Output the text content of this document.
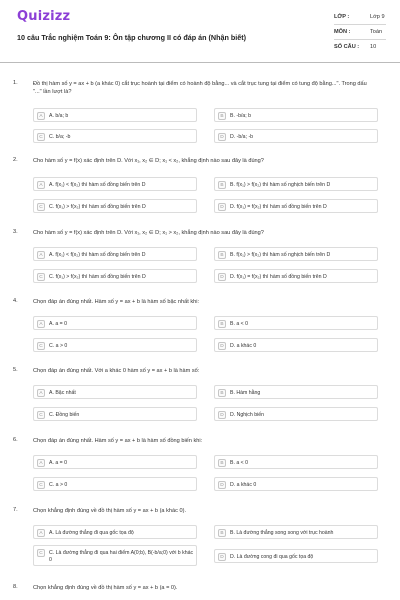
Quizizz
10 câu Trắc nghiệm Toán 9: Ôn tập chương II có đáp án (Nhận biết)
LỚP :	Lớp 9
MÔN :	Toán
SỐ CÂU : 10
1.	Đồ thị hàm số y = ax + b (a khác 0) cắt trục hoành tại điểm có hoành độ bằng... và cắt trục tung tại điểm có tung độ bằng...". Trong dấu "..." lần lượt là?
A	A. b/a; b	B	B. -b/a; b
C	C. b/a; -b	D	D. -b/a; -b
2.	Cho hàm số y = f(x) xác định trên D. Với x₁, x₂ ∈ D; x₁ < x₂, khẳng định nào sau đây là đúng?
A	A. f(x₁) < f(x₂) thì hàm số đồng biến trên D	B	B. f(x₁) > f(x₂) thì hàm số nghịch biến trên D
C	C. f(x₁) > f(x₂) thì hàm số đồng biến trên D	D	D. f(x₁) = f(x₂) thì hàm số đồng biến trên D
3.	Cho hàm số y = f(x) xác định trên D. Với x₁, x₂ ∈ D; x₁ > x₂, khẳng định nào sau đây là đúng?
A	A. f(x₁) < f(x₂) thì hàm số đồng biến trên D	B	B. f(x₁) > f(x₂) thì hàm số nghịch biến trên D
C	C. f(x₁) > f(x₂) thì hàm số đồng biến trên D	D	D. f(x₁) = f(x₂) thì hàm số đồng biến trên D
4.	Chọn đáp án đúng nhất. Hàm số y = ax + b là hàm số bậc nhất khi:
A	A. a = 0	B	B. a < 0
C	C. a > 0	D	D. a khác 0
5.	Chọn đáp án đúng nhất. Với a khác 0 hàm số y = ax + b là hàm số:
A	A. Bậc nhất	B	B. Hàm hằng
C	C. Đồng biến	D	D. Nghịch biến
6.	Chọn đáp án đúng nhất. Hàm số y = ax + b là hàm số đồng biến khi:
A	A. a = 0	B	B. a < 0
C	C. a > 0	D	D. a khác 0
7.	Chọn khẳng định đúng về đồ thị hàm số y = ax + b (a khác 0).
A	A. Là đường thẳng đi qua gốc tọa độ	B	B. Là đường thẳng song song với trục hoành
C	C. Là đường thẳng đi qua hai điểm A(0;b), B(-b/a;0) với b khác 0	D	D. Là đường cong đi qua gốc tọa độ
8.	Chọn khẳng định đúng về đồ thị hàm số y = ax + b (a = 0).
